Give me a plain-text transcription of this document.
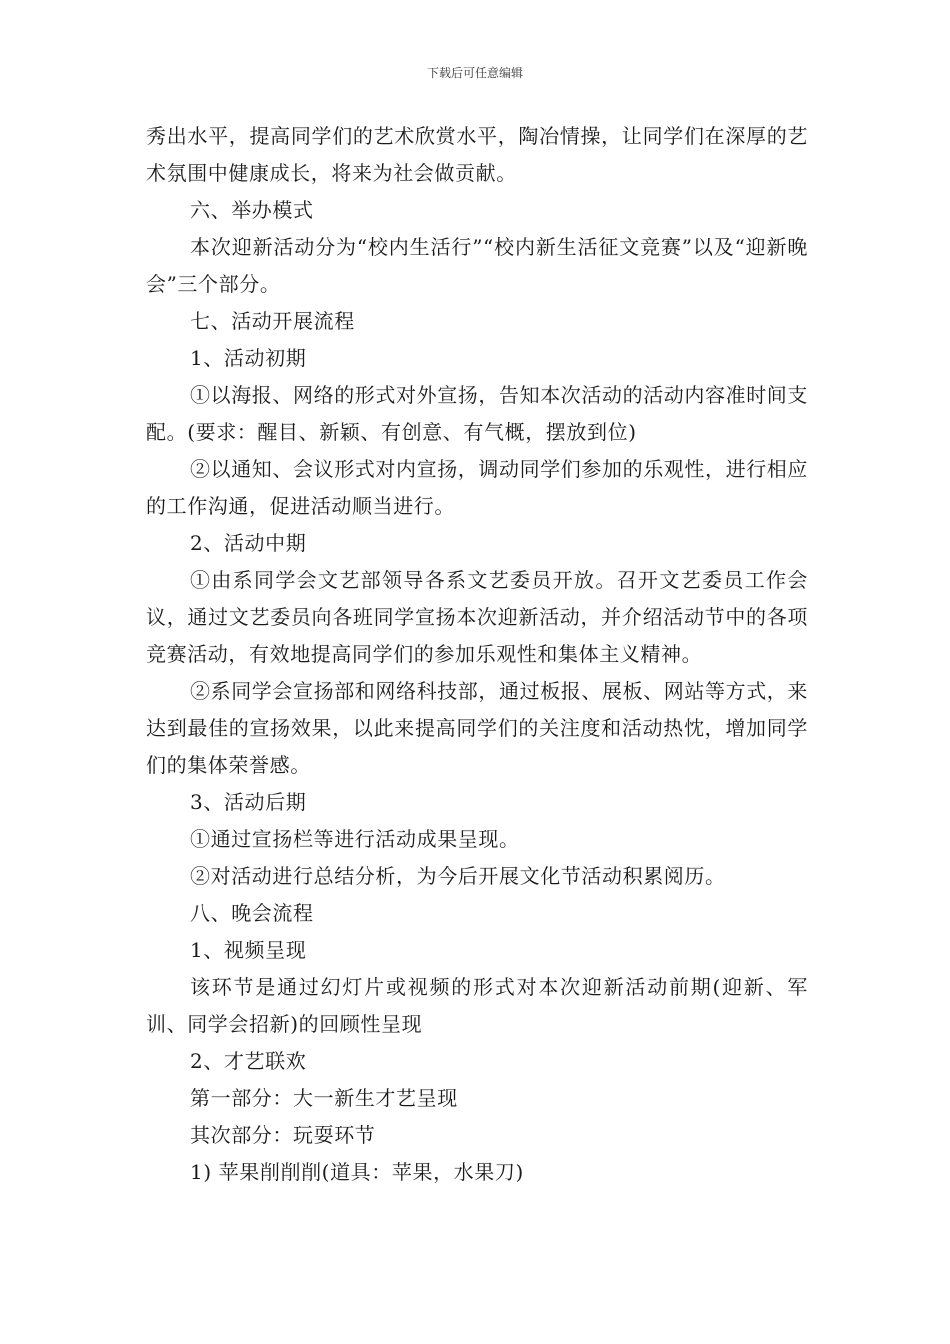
下载后可任意编辑

秀出水平，提高同学们的艺术欣赏水平，陶冶情操，让同学们在深厚的艺术氛围中健康成长，将来为社会做贡献。

六、举办模式

本次迎新活动分为“校内生活行”“校内新生活征文竞赛”以及“迎新晚会”三个部分。

七、活动开展流程

1、活动初期

①以海报、网络的形式对外宣扬，告知本次活动的活动内容准时间支配。(要求：醒目、新颖、有创意、有气概，摆放到位)

②以通知、会议形式对内宣扬，调动同学们参加的乐观性，进行相应的工作沟通，促进活动顺当进行。

2、活动中期

①由系同学会文艺部领导各系文艺委员开放。召开文艺委员工作会议，通过文艺委员向各班同学宣扬本次迎新活动，并介绍活动节中的各项竞赛活动，有效地提高同学们的参加乐观性和集体主义精神。

②系同学会宣扬部和网络科技部，通过板报、展板、网站等方式，来达到最佳的宣扬效果，以此来提高同学们的关注度和活动热忱，增加同学们的集体荣誉感。

3、活动后期

①通过宣扬栏等进行活动成果呈现。

②对活动进行总结分析，为今后开展文化节活动积累阅历。

八、晚会流程

1、视频呈现

该环节是通过幻灯片或视频的形式对本次迎新活动前期(迎新、军训、同学会招新)的回顾性呈现

2、才艺联欢

第一部分：大一新生才艺呈现

其次部分：玩耍环节

1) 苹果削削削(道具：苹果，水果刀)
